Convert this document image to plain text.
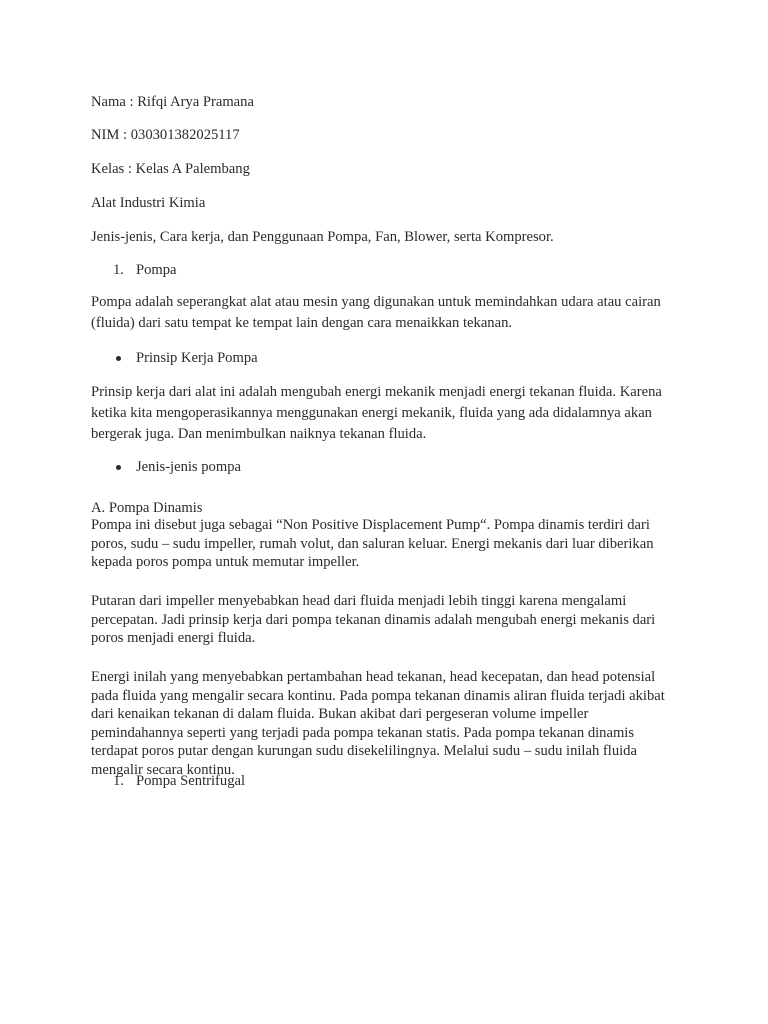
Nama : Rifqi Arya Pramana

NIM : 030301382025117

Kelas : Kelas A Palembang

Alat Industri Kimia

Jenis-jenis, Cara kerja, dan Penggunaan Pompa, Fan, Blower, serta Kompresor.

1. Pompa

Pompa adalah seperangkat alat atau mesin yang digunakan untuk memindahkan udara atau cairan (fluida) dari satu tempat ke tempat lain dengan cara menaikkan tekanan.

Prinsip Kerja Pompa

Prinsip kerja dari alat ini adalah mengubah energi mekanik menjadi energi tekanan fluida. Karena ketika kita mengoperasikannya menggunakan energi mekanik, fluida yang ada didalamnya akan bergerak juga. Dan menimbulkan naiknya tekanan fluida.

Jenis-jenis pompa

A. Pompa Dinamis

Pompa ini disebut juga sebagai “Non Positive Displacement Pump“. Pompa dinamis terdiri dari poros, sudu – sudu impeller, rumah volut, dan saluran keluar. Energi mekanis dari luar diberikan kepada poros pompa untuk memutar impeller.

Putaran dari impeller menyebabkan head dari fluida menjadi lebih tinggi karena mengalami percepatan. Jadi prinsip kerja dari pompa tekanan dinamis adalah mengubah energi mekanis dari poros menjadi energi fluida.

Energi inilah yang menyebabkan pertambahan head tekanan, head kecepatan, dan head potensial pada fluida yang mengalir secara kontinu. Pada pompa tekanan dinamis aliran fluida terjadi akibat dari kenaikan tekanan di dalam fluida. Bukan akibat dari pergeseran volume impeller pemindahannya seperti yang terjadi pada pompa tekanan statis. Pada pompa tekanan dinamis terdapat poros putar dengan kurungan sudu disekelilingnya. Melalui sudu – sudu inilah fluida mengalir secara kontinu.

1. Pompa Sentrifugal
